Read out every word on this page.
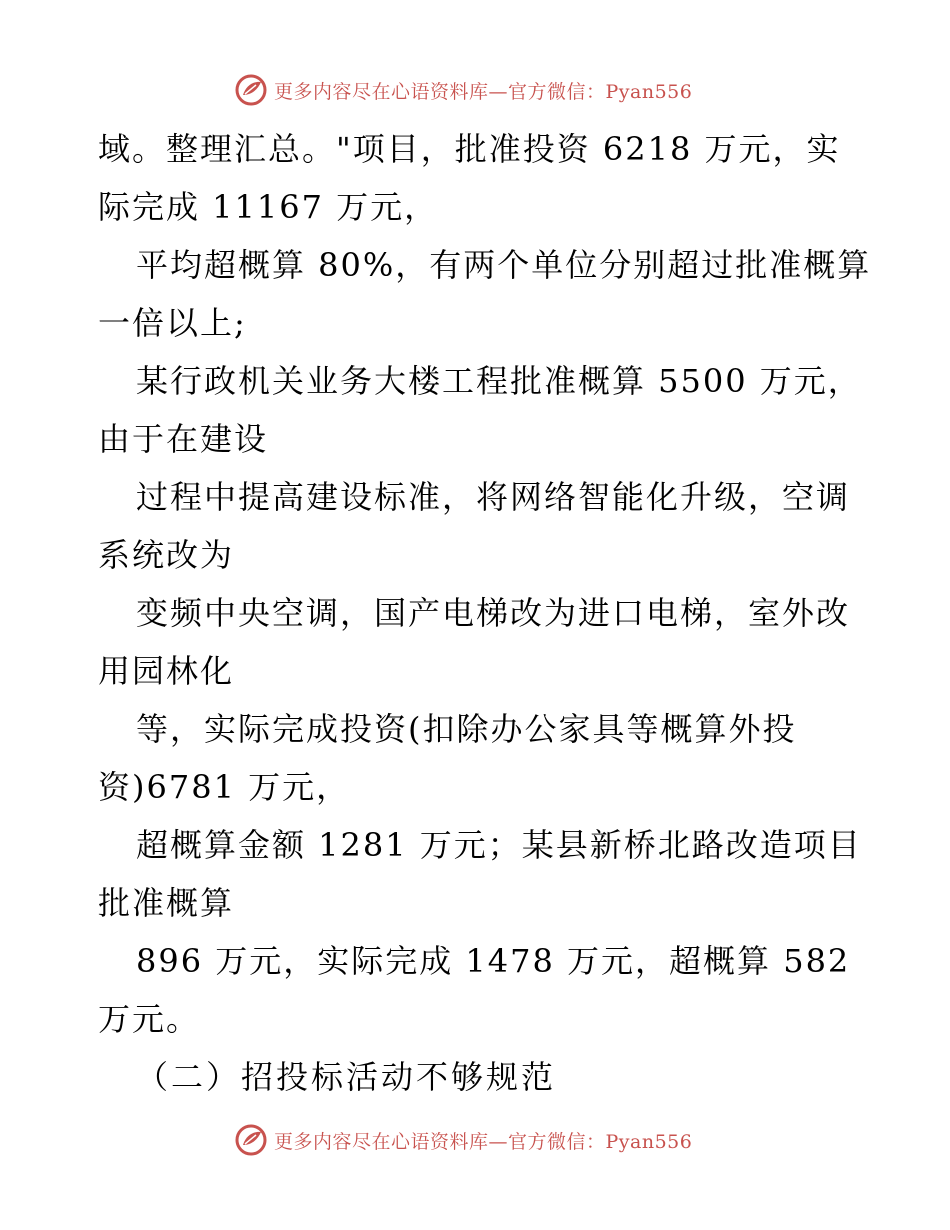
更多内容尽在心语资料库—官方微信：Pyan556
域。整理汇总。"项目，批准投资 6218 万元，实
际完成 11167 万元，
平均超概算 80%，有两个单位分别超过批准概算
一倍以上;
某行政机关业务大楼工程批准概算 5500 万元，
由于在建设
过程中提高建设标准，将网络智能化升级，空调
系统改为
变频中央空调，国产电梯改为进口电梯，室外改
用园林化
等，实际完成投资(扣除办公家具等概算外投
资)6781 万元，
超概算金额 1281 万元；某县新桥北路改造项目
批准概算
896 万元，实际完成 1478 万元，超概算 582
万元。
（二）招投标活动不够规范
更多内容尽在心语资料库—官方微信：Pyan556
